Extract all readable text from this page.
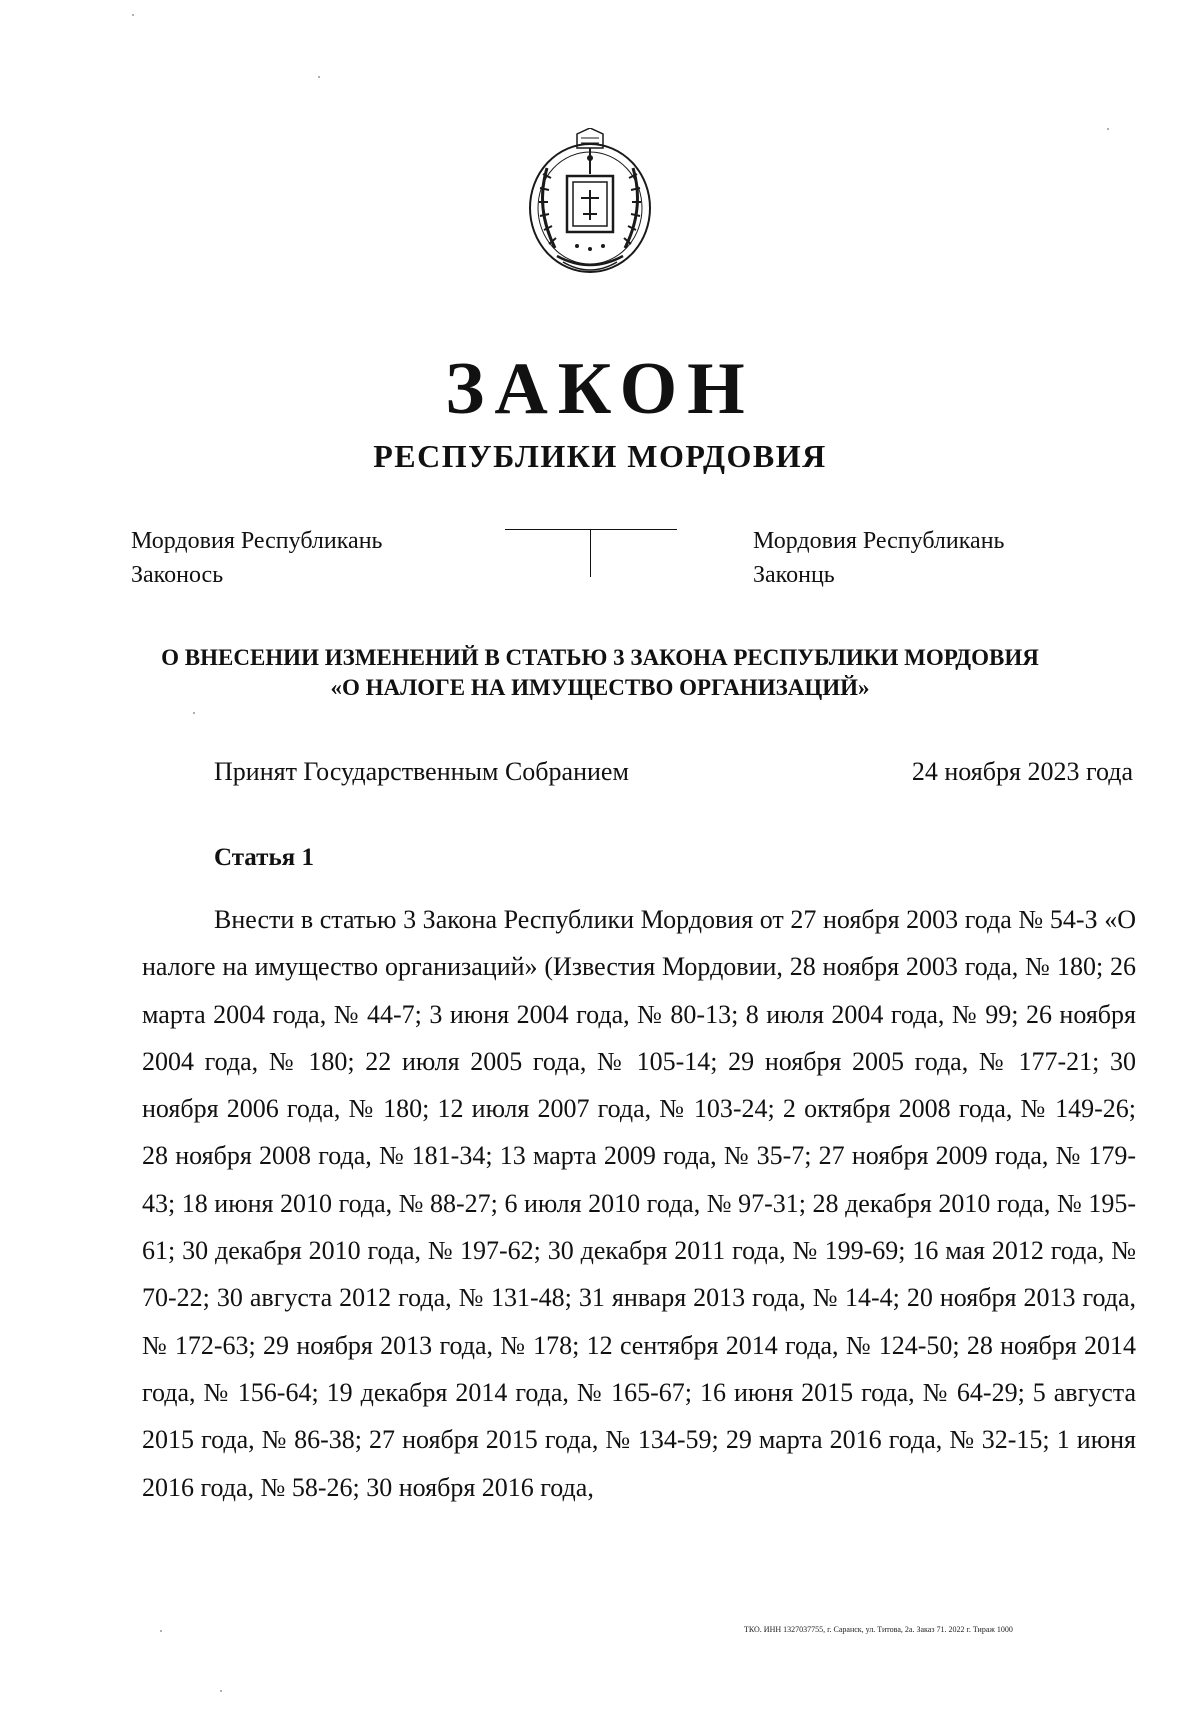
ЗАКОН
РЕСПУБЛИКИ МОРДОВИЯ
Мордовия Республикань
Законось
Мордовия Республикань
Законць
О ВНЕСЕНИИ ИЗМЕНЕНИЙ В СТАТЬЮ 3 ЗАКОНА РЕСПУБЛИКИ МОРДОВИЯ
«О НАЛОГЕ НА ИМУЩЕСТВО ОРГАНИЗАЦИЙ»
Принят Государственным Собранием	24 ноября 2023 года
Статья 1

Внести в статью 3 Закона Республики Мордовия от 27 ноября 2003 года № 54-З «О налоге на имущество организаций» (Известия Мордовии, 28 ноября 2003 года, № 180; 26 марта 2004 года, № 44-7; 3 июня 2004 года, № 80-13; 8 июля 2004 года, № 99; 26 ноября 2004 года, № 180; 22 июля 2005 года, № 105-14; 29 ноября 2005 года, № 177-21; 30 ноября 2006 года, № 180; 12 июля 2007 года, № 103-24; 2 октября 2008 года, № 149-26; 28 ноября 2008 года, № 181-34; 13 марта 2009 года, № 35-7; 27 ноября 2009 года, № 179-43; 18 июня 2010 года, № 88-27; 6 июля 2010 года, № 97-31; 28 декабря 2010 года, № 195-61; 30 декабря 2010 года, № 197-62; 30 декабря 2011 года, № 199-69; 16 мая 2012 года, № 70-22; 30 августа 2012 года, № 131-48; 31 января 2013 года, № 14-4; 20 ноября 2013 года, № 172-63; 29 ноября 2013 года, № 178; 12 сентября 2014 года, № 124-50; 28 ноября 2014 года, № 156-64; 19 декабря 2014 года, № 165-67; 16 июня 2015 года, № 64-29; 5 августа 2015 года, № 86-38; 27 ноября 2015 года, № 134-59; 29 марта 2016 года, № 32-15; 1 июня 2016 года, № 58-26; 30 ноября 2016 года,

ТКО. ИНН 1327037755, г. Саранск, ул. Титова, 2а. Заказ 71. 2022 г. Тираж 1000
